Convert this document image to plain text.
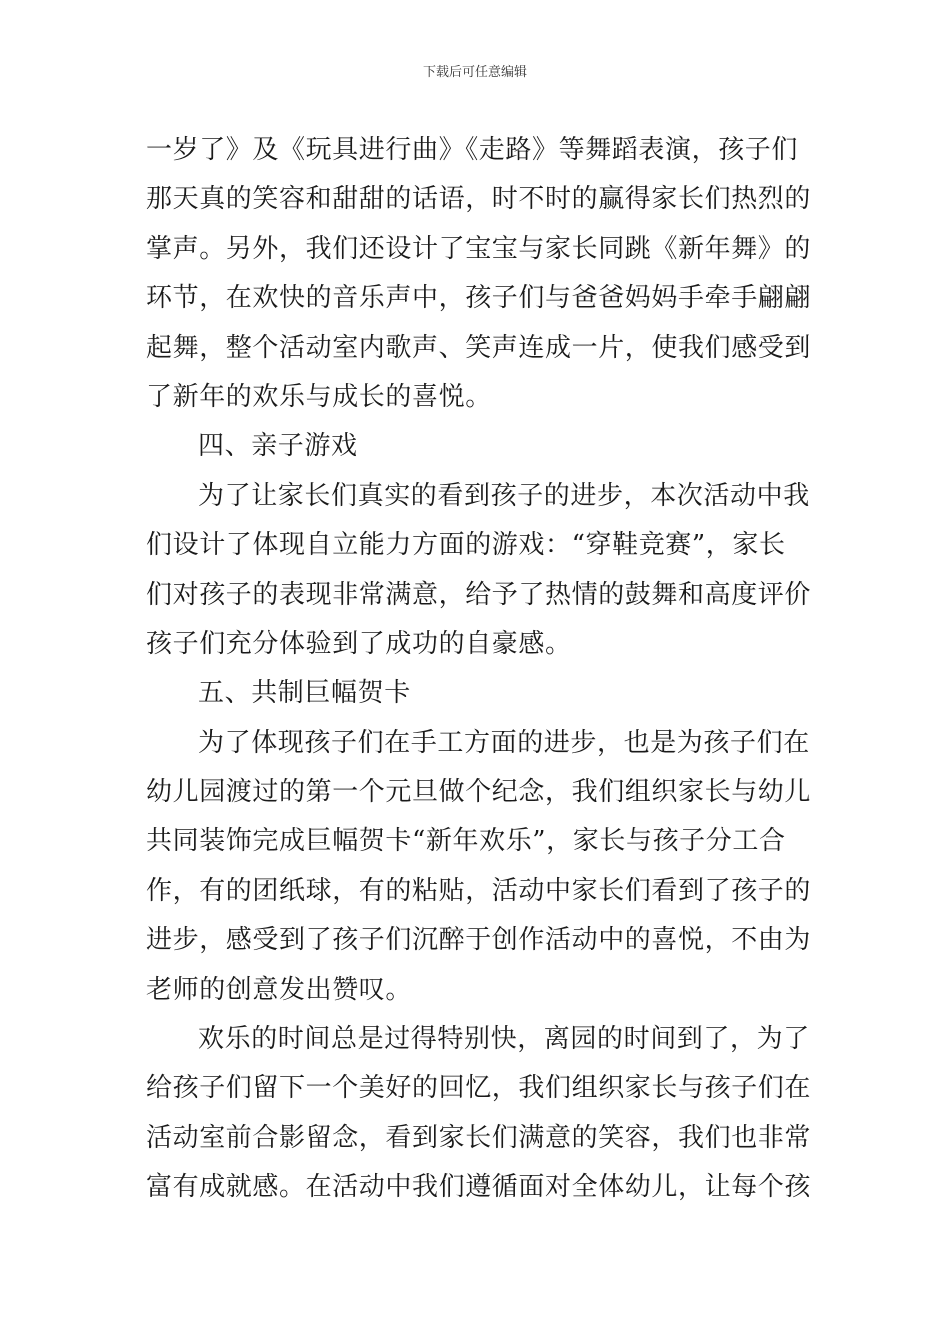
下载后可任意编辑
一岁了》及《玩具进行曲》《走路》等舞蹈表演，孩子们
那天真的笑容和甜甜的话语，时不时的赢得家长们热烈的
掌声。另外，我们还设计了宝宝与家长同跳《新年舞》的
环节，在欢快的音乐声中，孩子们与爸爸妈妈手牵手翩翩
起舞，整个活动室内歌声、笑声连成一片，使我们感受到
了新年的欢乐与成长的喜悦。
四、亲子游戏
为了让家长们真实的看到孩子的进步，本次活动中我
们设计了体现自立能力方面的游戏：“穿鞋竞赛”，家长
们对孩子的表现非常满意，给予了热情的鼓舞和高度评价
孩子们充分体验到了成功的自豪感。
五、共制巨幅贺卡
为了体现孩子们在手工方面的进步，也是为孩子们在
幼儿园渡过的第一个元旦做个纪念，我们组织家长与幼儿
共同装饰完成巨幅贺卡“新年欢乐”，家长与孩子分工合
作，有的团纸球，有的粘贴，活动中家长们看到了孩子的
进步，感受到了孩子们沉醉于创作活动中的喜悦，不由为
老师的创意发出赞叹。
欢乐的时间总是过得特别快，离园的时间到了，为了
给孩子们留下一个美好的回忆，我们组织家长与孩子们在
活动室前合影留念，看到家长们满意的笑容，我们也非常
富有成就感。在活动中我们遵循面对全体幼儿，让每个孩
